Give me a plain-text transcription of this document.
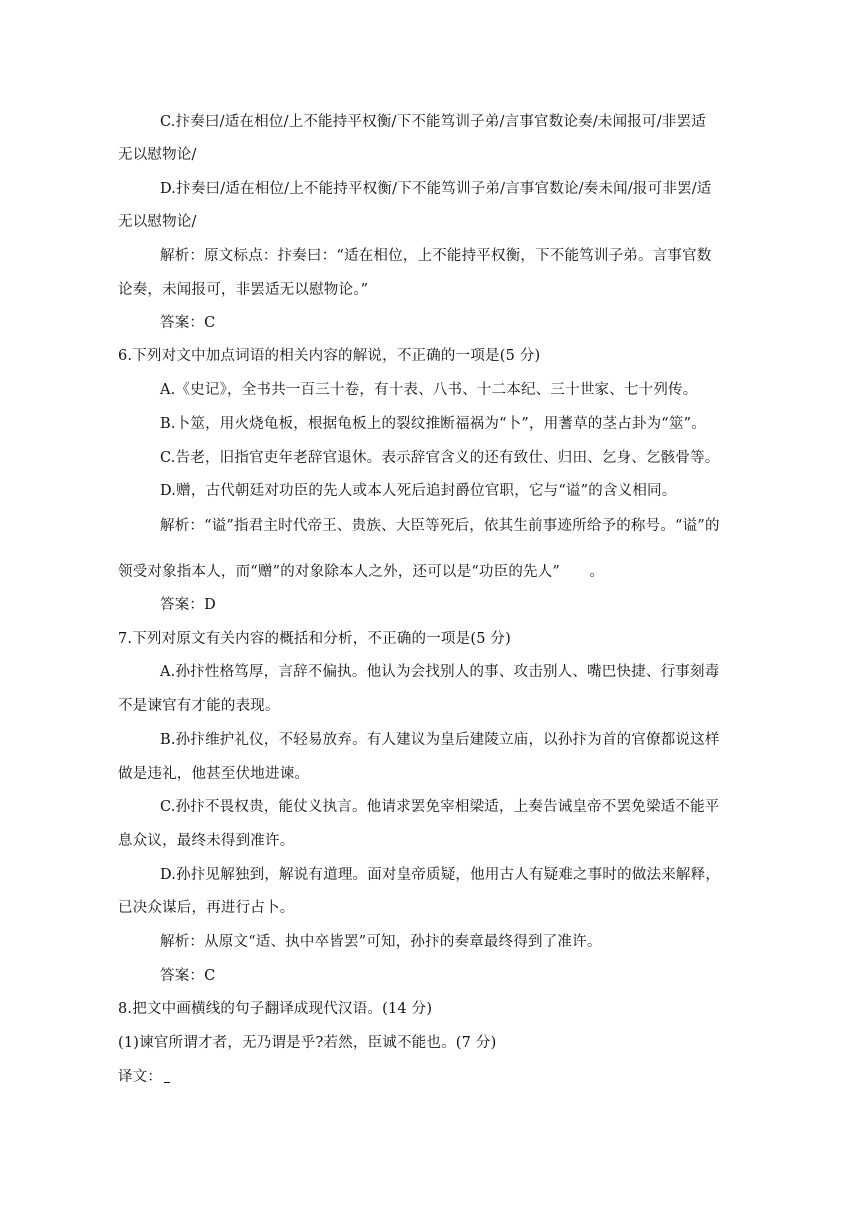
C.抃奏曰/适在相位/上不能持平权衡/下不能笃训子弟/言事官数论奏/未闻报可/非罢适
无以慰物论/
D.抃奏曰/适在相位/上不能持平权衡/下不能笃训子弟/言事官数论/奏未闻/报可非罢/适
无以慰物论/
解析：原文标点：抃奏曰：“适在相位，上不能持平权衡，下不能笃训子弟。言事官数
论奏，未闻报可，非罢适无以慰物论。”
答案：C
6.下列对文中加点词语的相关内容的解说，不正确的一项是(5 分)
A.《史记》，全书共一百三十卷，有十表、八书、十二本纪、三十世家、七十列传。
B.卜筮，用火烧龟板，根据龟板上的裂纹推断福祸为“卜”，用蓍草的茎占卦为“筮”。
C.告老，旧指官吏年老辞官退休。表示辞官含义的还有致仕、归田、乞身、乞骸骨等。
D.赠，古代朝廷对功臣的先人或本人死后追封爵位官职，它与“谥”的含义相同。
解析：“谥”指君主时代帝王、贵族、大臣等死后，依其生前事迹所给予的称号。“谥”的
领受对象指本人，而“赠”的对象除本人之外，还可以是“功臣的先人”　　。
答案：D
7.下列对原文有关内容的概括和分析，不正确的一项是(5 分)
A.孙抃性格笃厚，言辞不偏执。他认为会找别人的事、攻击别人、嘴巴快捷、行事刻毒
不是谏官有才能的表现。
B.孙抃维护礼仪，不轻易放弃。有人建议为皇后建陵立庙，以孙抃为首的官僚都说这样
做是违礼，他甚至伏地进谏。
C.孙抃不畏权贵，能仗义执言。他请求罢免宰相梁适，上奏告诫皇帝不罢免梁适不能平
息众议，最终未得到准许。
D.孙抃见解独到，解说有道理。面对皇帝质疑，他用古人有疑难之事时的做法来解释，
已决众谋后，再进行占卜。
解析：从原文“适、执中卒皆罢”可知，孙抃的奏章最终得到了准许。
答案：C
8.把文中画横线的句子翻译成现代汉语。(14 分)
(1)谏官所谓才者，无乃谓是乎?若然，臣诚不能也。(7 分)
译文：
